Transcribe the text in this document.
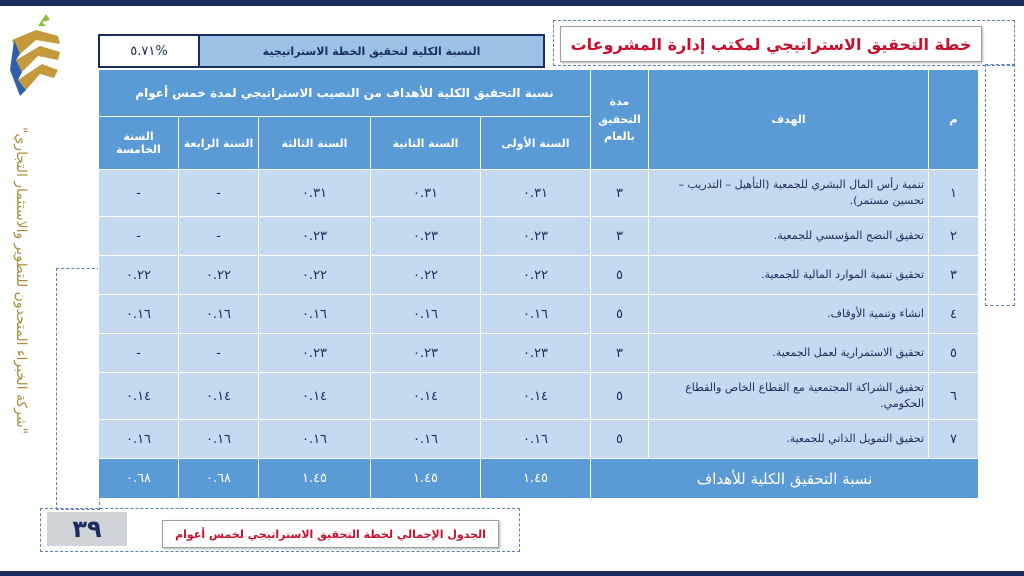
"شركة الخبراء المتحدون للتطوير والاستثمار التجاري"
خطة التحقيق الاستراتيجي لمكتب إدارة المشروعات
النسبة الكلية لتحقيق الخطة الاستراتيجية
%٥.٧١
م	الهدف	مدة التحقيق بالعام	نسبة التحقيق الكلية للأهداف من النصيب الاستراتيجي لمدة خمس أعوام				
			السنة الأولى	السنة الثانية	السنة الثالثة	السنة الرابعة	السنة الخامسة
١	تنمية رأس المال البشري للجمعية (التأهيل – التدريب – تحسين مستمر).	٣	٠.٣١	٠.٣١	٠.٣١	-	-
٢	تحقيق النضج المؤسسي للجمعية.	٣	٠.٢٣	٠.٢٣	٠.٢٣	-	-
٣	تحقيق تنمية الموارد المالية للجمعية.	٥	٠.٢٢	٠.٢٢	٠.٢٢	٠.٢٢	٠.٢٢
٤	انشاء وتنمية الأوقاف.	٥	٠.١٦	٠.١٦	٠.١٦	٠.١٦	٠.١٦
٥	تحقيق الاستمرارية لعمل الجمعية.	٣	٠.٢٣	٠.٢٣	٠.٢٣	-	-
٦	تحقيق الشراكة المجتمعية مع القطاع الخاص والقطاع الحكومي.	٥	٠.١٤	٠.١٤	٠.١٤	٠.١٤	٠.١٤
٧	تحقيق التمويل الذاتي للجمعية.	٥	٠.١٦	٠.١٦	٠.١٦	٠.١٦	٠.١٦
نسبة التحقيق الكلية للأهداف			١.٤٥	١.٤٥	١.٤٥	٠.٦٨	٠.٦٨
٣٩	الجدول الإجمالي لخطة التحقيق الاستراتيجي لخمس أعوام
